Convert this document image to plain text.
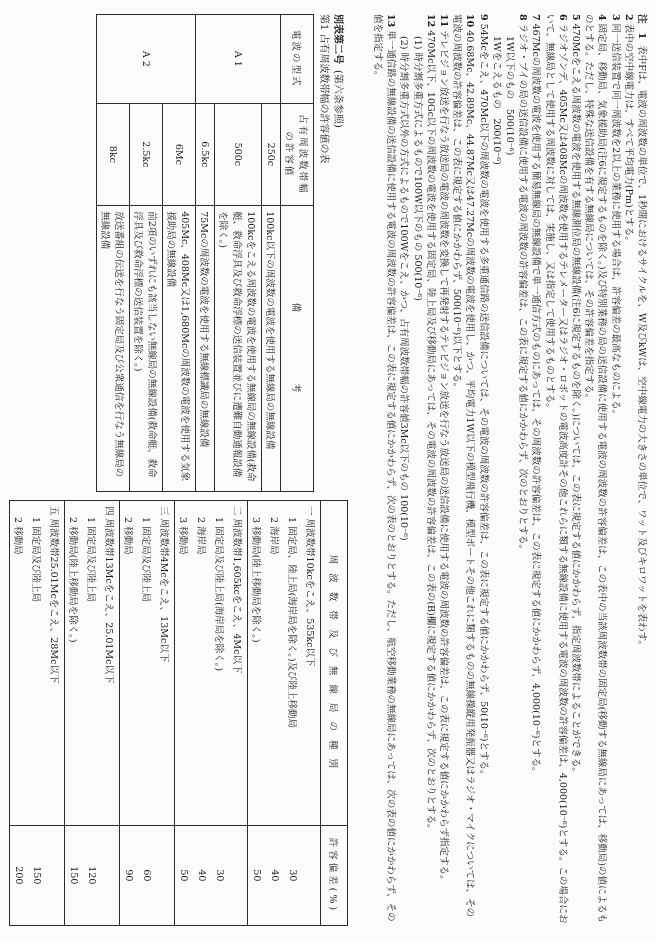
注 1 表中Fは、電波の周波数の単位で、1秒間におけるサイクルを、W及びkWは、空中線電力の大きさの単位で、ワット及びキロワットを表わす。
2表中の空中線電力は、すべて平均電力(Pm)とする。
3同一送信装置で同一周波数を2以上の業務に使用する場合は、許容偏差の最高なものによる。
4固定局、移動局、気象援助局(注6に規定するものを除く。)及び特別業務の局の送信設備に使用する電波の周波数の許容偏差は、この表中の当該周波数帯の固定局(移動する無線局にあっては、移動局)の値によるものとする。ただし、特殊な送信設備を有する無線局については、その許容偏差を指定する。
5470Mcをこえる周波数の電波を使用する無線測位局の無線設備(注6に規定するものを除く。)については、この表に規定する値にかかわらず、指定周波数帯によることができる。
6ラジオゾンデ、405Mc又は408Mcの周波数を使用するテレメーター又はラジオ・ロボットの電波高度計その他これらに類する無線設備に使用する電波の周波数の許容偏差は、4,000(10⁻⁶)とする。この場合において、無線局として使用する周波数に対しては、実施し、又は指定して使用するものとする。
7467Mcの周波数の電波を使用する簡易無線局の無線設備で単一通信方式のものにあっては、その周波数の許容偏差は、この表に規定する値にかかわらず、4,000(10⁻⁶)とする。
8ラジオ・ブイの局の送信設備に使用する電波の周波数の許容偏差は、この表に規定する値にかかわらず、次のとおりとする。
1W以下のもの　500(10⁻⁶)
1Wをこえるもの　200(10⁻⁶)
954Mcをこえ、470Mc以下の周波数の電波を使用する多重通信路の送信設備については、その電波の周波数の許容偏差は、この表に規定する値にかかわらず、50(10⁻⁶)とする。
1040.68Mc、42.89Mc、44.87Mc又は47.27Mcの周波数の電波を使用し、かつ、平均電力1W以下の模型飛行機、模型ボートその他これに類するものの無線操縦用発振器又はラジオ・マイクについては、その電波の周波数の許容偏差は、この表に規定する値にかかわらず、500(10⁻⁶)以下とする。
11テレビジョン放送を行なう放送局の電波の周波数を変換して再発射するテレビジョン放送を行なう放送局の送信設備に使用する電波の周波数の許容偏差は、この表に規定する値にかかわらず指定する。
12470Mc以下、10Gc以下の周波数の電波を使用する固定局、陸上局及び移動局にあっては、その電波の周波数の許容偏差は、この表の(B)欄に規定する値にかかわらず、次のとおりとする。
(1) 時分割多重方式によるもので100W以下のもの 500(10⁻⁶)
(2) 時分割多重方式以外の方式によるもので100Wをこえ、かつ、占有周波数帯幅の許容値3Mc以下のもの 100(10⁻⁶)
13単一通信路の無線設備の送信設備に使用する電波の周波数の許容偏差は、この表に規定する値にかかわらず、次の表のとおりとする。ただし、航空移動業務の無線局にあっては、次の表の値にかかわらず、その値を指定する。
別表第二号(第六条参照)
第1 占有周波数帯幅の許容値の表
電波の型式	占有周波数帯幅の許容値	備　　　　　　考
A 1	250c	100kc以下の周波数の電波を使用する無線局の無線設備
	500c	100kcをこえる周波数の電波を使用する無線局の無線設備(救命艇、救命浮具及び救命浮標の送信装置並びに遭難自動通報設備を除く。)
	6.5kc	75Mcの周波数の電波を使用する無線標識局の無線設備
A 2	6Mc	405Mc、408Mc又は1,680Mcの周波数の電波を使用する気象援助局の無線設備
	2.5kc	前2項のいずれにも該当しない無線局の無線設備(救命艇、救命浮具及び救命浮標の送信装置を除く。)
	8kc	放送番組の伝送を行なう固定局及び公衆通信を行なう無線局の無線設備
周 波 数 帯 及 び 無 線 局 の 種 別	許容偏差(%)
一 周波数帯10kcをこえ、535kc以下	
1 固定局、陸上局(海岸局を除く。)及び陸上移動局	30
2 海岸局	40
3 移動局(陸上移動局を除く。)	50
二 周波数帯1,605kcをこえ、4Mc以下	
1 固定局及び陸上局(海岸局を除く。)	30
2 海岸局	40
3 移動局	50
三 周波数帯4Mcをこえ、13Mc以下	
1 固定局及び陸上局	60
2 移動局	90
四 周波数帯13Mcをこえ、25.01Mc以下	
1 固定局及び陸上局	120
2 移動局(陸上移動局を除く。)	150
五 周波数帯25.01Mcをこえ、28Mc以下	
1 固定局及び陸上局	150
2 移動局	200
